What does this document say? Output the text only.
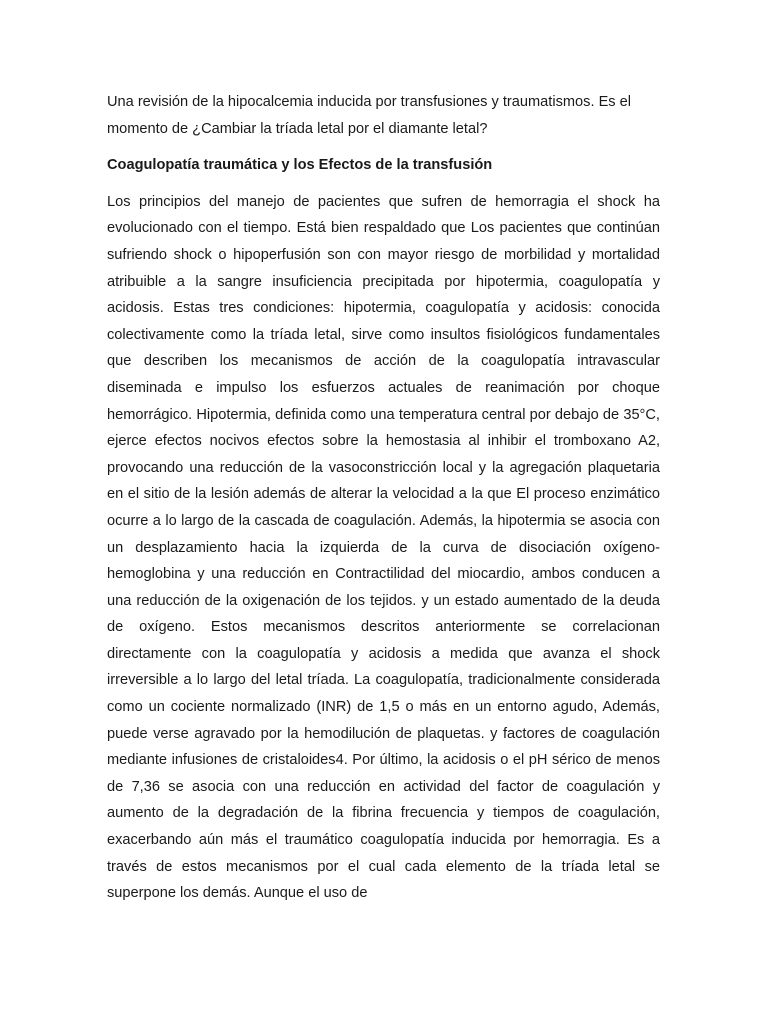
Una revisión de la hipocalcemia inducida por transfusiones y traumatismos. Es el momento de ¿Cambiar la tríada letal por el diamante letal?

Coagulopatía traumática y los Efectos de la transfusión

Los principios del manejo de pacientes que sufren de hemorragia el shock ha evolucionado con el tiempo. Está bien respaldado que Los pacientes que continúan sufriendo shock o hipoperfusión son con mayor riesgo de morbilidad y mortalidad atribuible a la sangre insuficiencia precipitada por hipotermia, coagulopatía y acidosis. Estas tres condiciones: hipotermia, coagulopatía y acidosis: conocida colectivamente como la tríada letal, sirve como insultos fisiológicos fundamentales que describen los mecanismos de acción de la coagulopatía intravascular diseminada e impulso los esfuerzos actuales de reanimación por choque hemorrágico. Hipotermia, definida como una temperatura central por debajo de 35°C, ejerce efectos nocivos efectos sobre la hemostasia al inhibir el tromboxano A2, provocando una reducción de la vasoconstricción local y la agregación plaquetaria en el sitio de la lesión además de alterar la velocidad a la que El proceso enzimático ocurre a lo largo de la cascada de coagulación. Además, la hipotermia se asocia con un desplazamiento hacia la izquierda de la curva de disociación oxígeno-hemoglobina y una reducción en Contractilidad del miocardio, ambos conducen a una reducción de la oxigenación de los tejidos. y un estado aumentado de la deuda de oxígeno. Estos mecanismos descritos anteriormente se correlacionan directamente con la coagulopatía y acidosis a medida que avanza el shock irreversible a lo largo del letal tríada. La coagulopatía, tradicionalmente considerada como un cociente normalizado (INR) de 1,5 o más en un entorno agudo, Además, puede verse agravado por la hemodilución de plaquetas. y factores de coagulación mediante infusiones de cristaloides4. Por último, la acidosis o el pH sérico de menos de 7,36 se asocia con una reducción en actividad del factor de coagulación y aumento de la degradación de la fibrina frecuencia y tiempos de coagulación, exacerbando aún más el traumático coagulopatía inducida por hemorragia. Es a través de estos mecanismos por el cual cada elemento de la tríada letal se superpone los demás. Aunque el uso de
